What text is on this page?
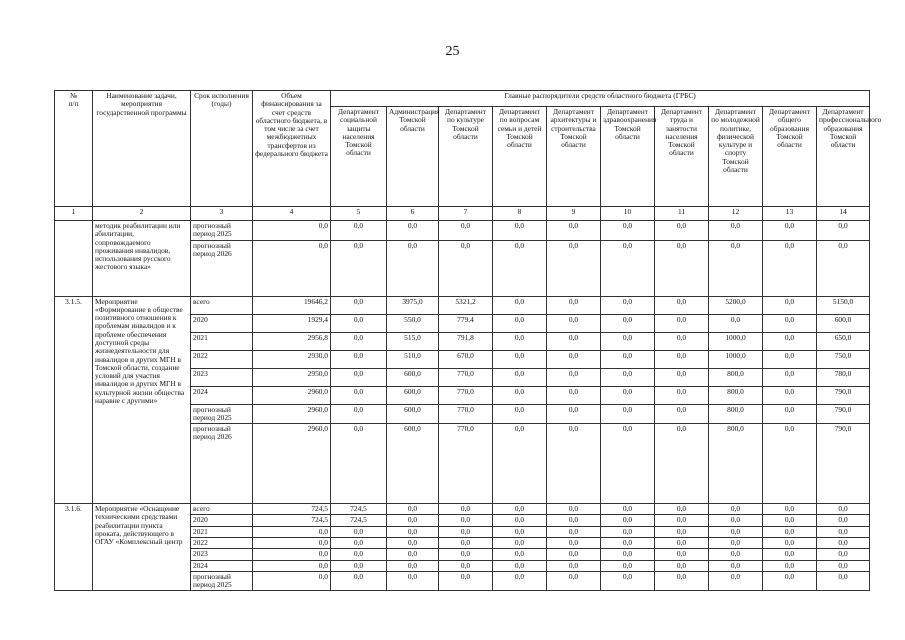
25
№
п/п	Наименование задачи, мероприятия государственной программы	Срок исполнения (годы)	Объем финансирования за счет средств областного бюджета, в том числе за счет межбюджетных трансфертов из федерального бюджета	Главные распорядители средств областного бюджета (ГРБС)									
				Департамент социальной защиты населения Томской области	Администрация Томской области	Департамент по культуре Томской области	Департамент по вопросам семьи и детей Томской области	Департамент архитектуры и строительства Томской области	Департамент здравоохранения Томской области	Департамент труда и занятости населения Томской области	Департамент по молодежной политике, физической культуре и спорту Томской области	Департамент общего образования Томской области	Департамент профессионального образования Томской области
1	2	3	4	5	6	7	8	9	10	11	12	13	14
	методик реабилитации или абилитации, сопровождаемого проживания инвалидов, использования русского жестового языка»	прогнозный период 2025	0,0	0,0	0,0	0,0	0,0	0,0	0,0	0,0	0,0	0,0	0,0
		прогнозный период 2026	0,0	0,0	0,0	0,0	0,0	0,0	0,0	0,0	0,0	0,0	0,0
3.1.5.	Мероприятие «Формирование в обществе позитивного отношения к проблемам инвалидов и к проблеме обеспечения доступной среды жизнедеятельности для инвалидов и других МГН в Томской области, создание условий для участия инвалидов и других МГН в культурной жизни общества наравне с другими»	всего	19646,2	0,0	3975,0	5321,2	0,0	0,0	0,0	0,0	5200,0	0,0	5150,0
		2020	1929,4	0,0	550,0	779,4	0,0	0,0	0,0	0,0	0,0	0,0	600,0
		2021	2956,8	0,0	515,0	791,8	0,0	0,0	0,0	0,0	1000,0	0,0	650,0
		2022	2930,0	0,0	510,0	670,0	0,0	0,0	0,0	0,0	1000,0	0,0	750,0
		2023	2950,0	0,0	600,0	770,0	0,0	0,0	0,0	0,0	800,0	0,0	780,0
		2024	2960,0	0,0	600,0	770,0	0,0	0,0	0,0	0,0	800,0	0,0	790,0
		прогнозный период 2025	2960,0	0,0	600,0	770,0	0,0	0,0	0,0	0,0	800,0	0,0	790,0
		прогнозный период 2026	2960,0	0,0	600,0	770,0	0,0	0,0	0,0	0,0	800,0	0,0	790,0
3.1.6.	Мероприятие «Оснащение техническими средствами реабилитации пункта проката, действующего в ОГАУ «Комплексный центр	всего	724,5	724,5	0,0	0,0	0,0	0,0	0,0	0,0	0,0	0,0	0,0
		2020	724,5	724,5	0,0	0,0	0,0	0,0	0,0	0,0	0,0	0,0	0,0
		2021	0,0	0,0	0,0	0,0	0,0	0,0	0,0	0,0	0,0	0,0	0,0
		2022	0,0	0,0	0,0	0,0	0,0	0,0	0,0	0,0	0,0	0,0	0,0
		2023	0,0	0,0	0,0	0,0	0,0	0,0	0,0	0,0	0,0	0,0	0,0
		2024	0,0	0,0	0,0	0,0	0,0	0,0	0,0	0,0	0,0	0,0	0,0
		прогнозный период 2025	0,0	0,0	0,0	0,0	0,0	0,0	0,0	0,0	0,0	0,0	0,0
